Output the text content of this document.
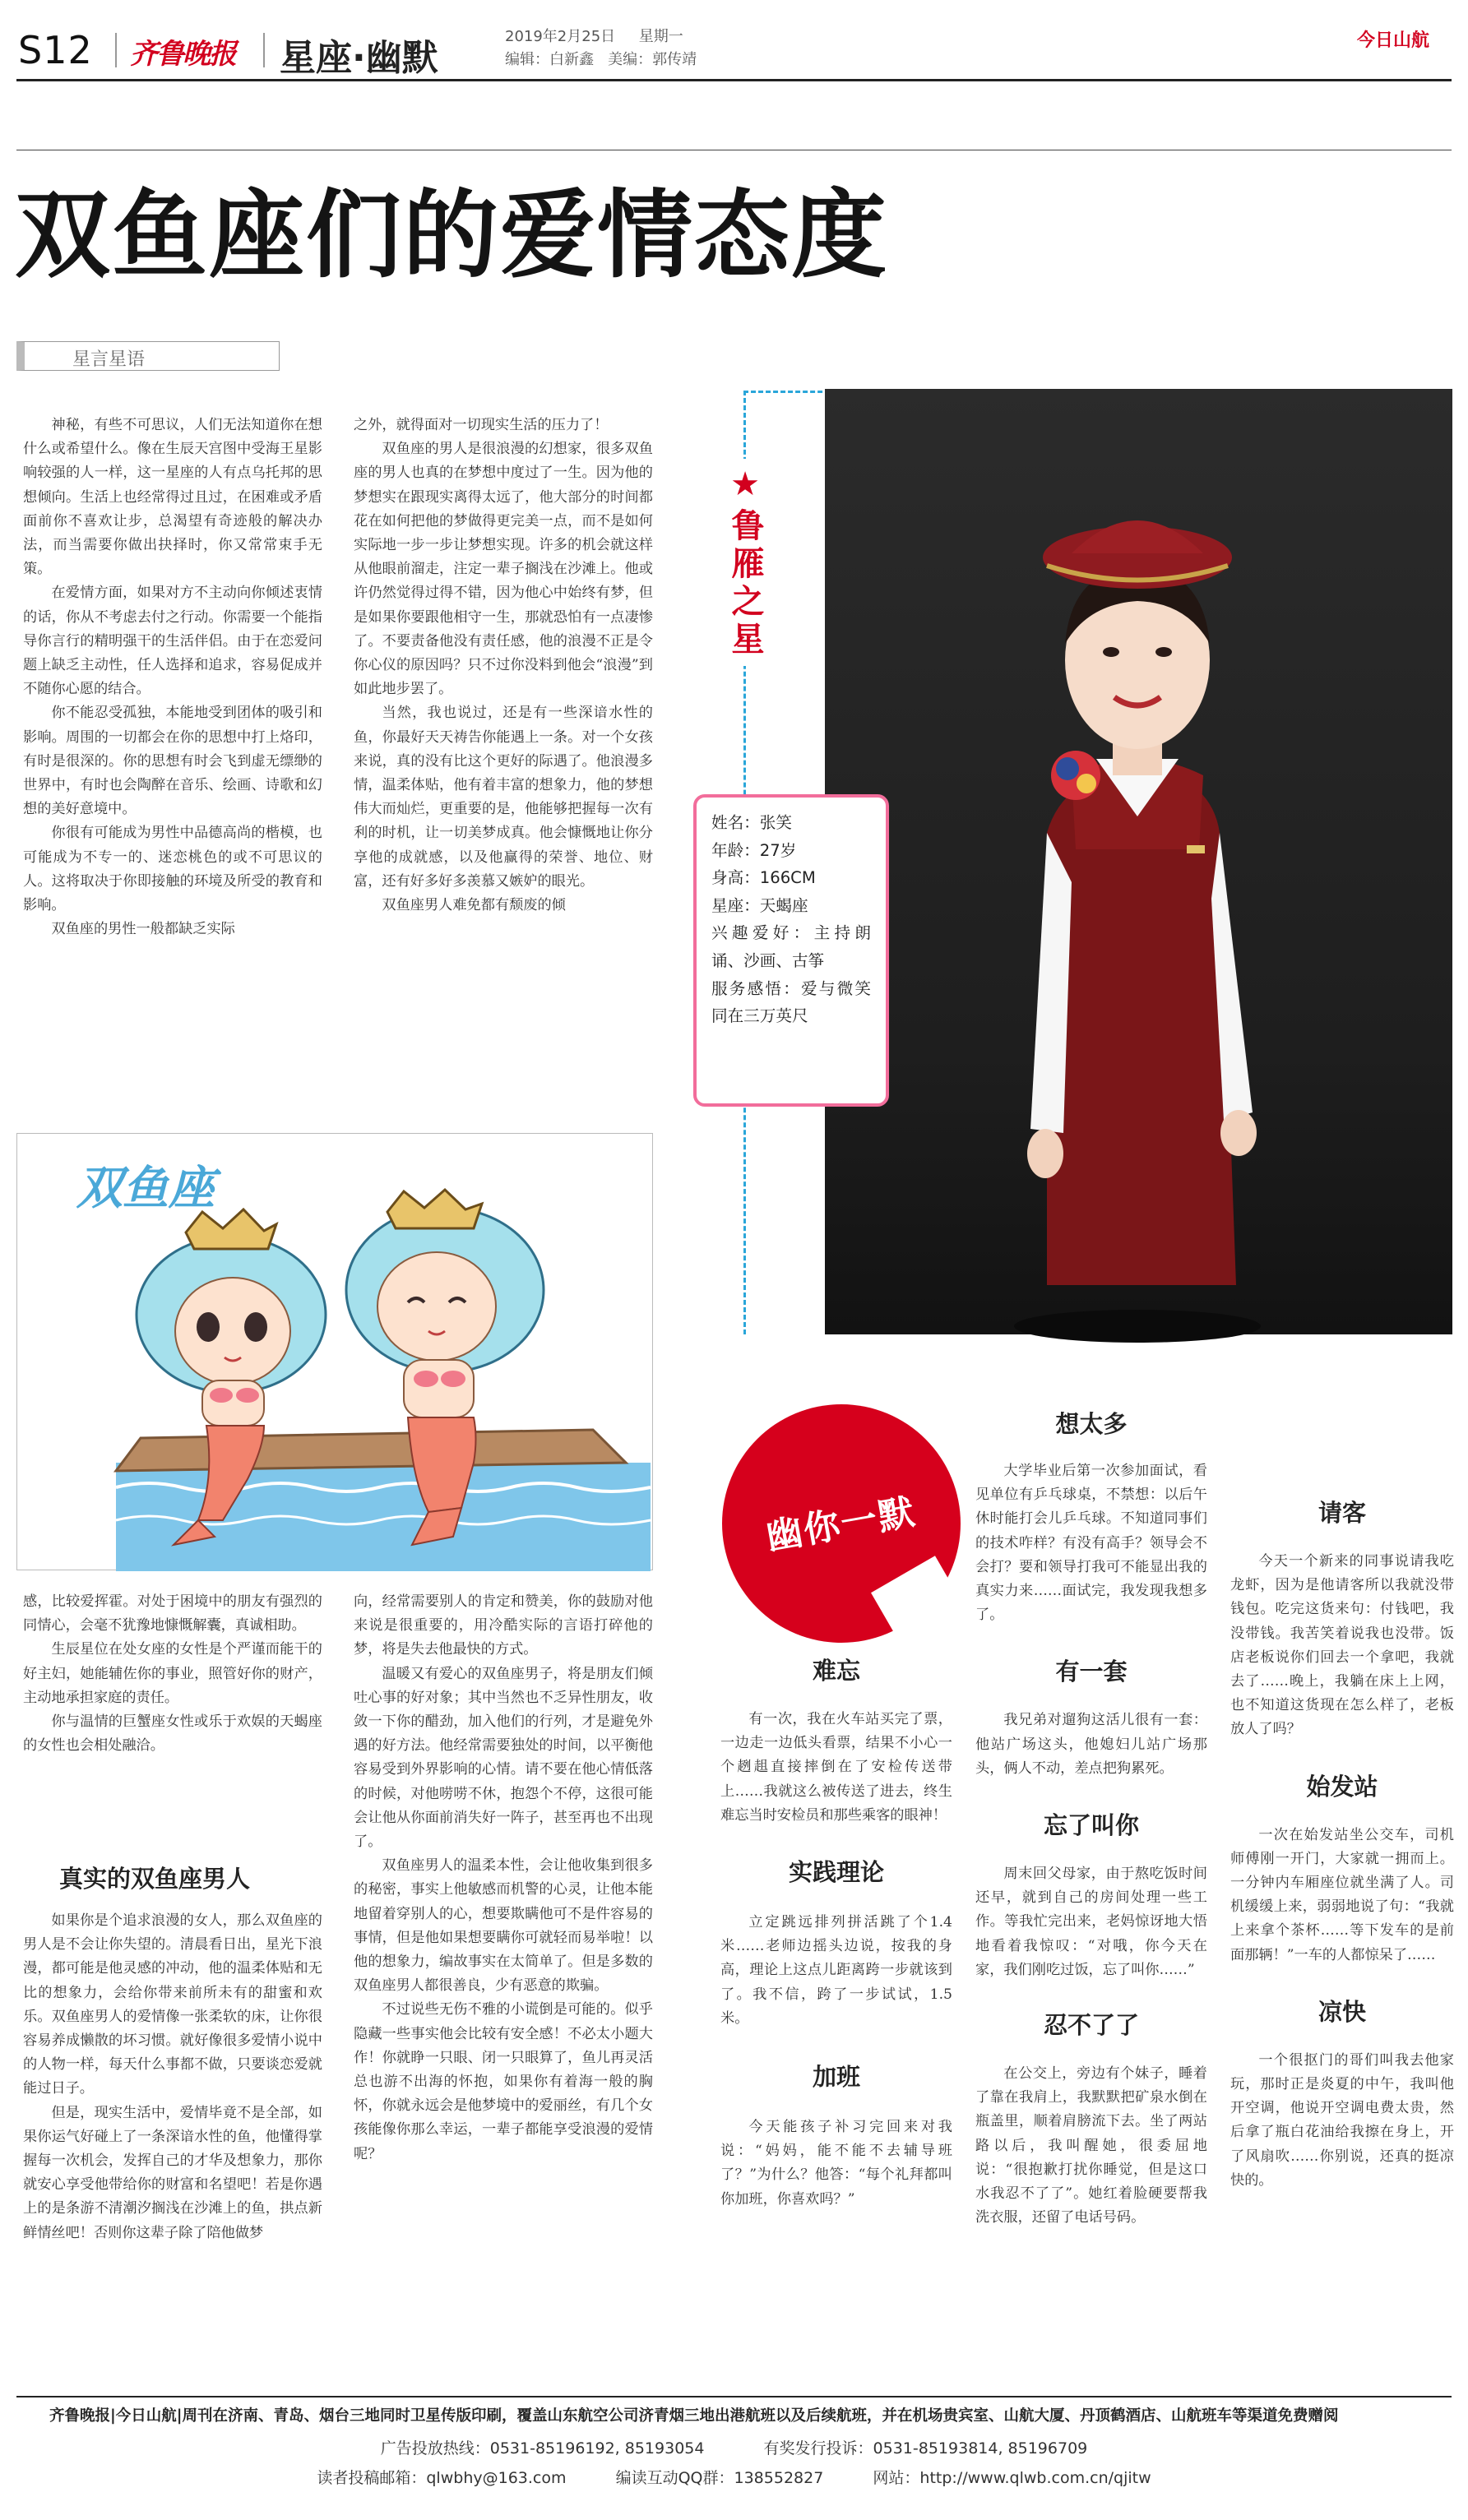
S12 齐鲁晚报 星座·幽默
2019年2月25日 星期一
编辑：白新鑫   美编：郭传靖
今日山航
双鱼座们的爱情态度
星言星语

神秘，有些不可思议，人们无法知道你在想什么或希望什么。像在生辰天宫图中受海王星影响较强的人一样，这一星座的人有点乌托邦的思想倾向。生活上也经常得过且过，在困难或矛盾面前你不喜欢让步，总渴望有奇迹般的解决办法，而当需要你做出抉择时，你又常常束手无策。

在爱情方面，如果对方不主动向你倾述衷情的话，你从不考虑去付之行动。你需要一个能指导你言行的精明强干的生活伴侣。由于在恋爱问题上缺乏主动性，任人选择和追求，容易促成并不随你心愿的结合。

你不能忍受孤独，本能地受到团体的吸引和影响。周围的一切都会在你的思想中打上烙印，有时是很深的。你的思想有时会飞到虚无缥缈的世界中，有时也会陶醉在音乐、绘画、诗歌和幻想的美好意境中。

你很有可能成为男性中品德高尚的楷模，也可能成为不专一的、迷恋桃色的或不可思议的人。这将取决于你即接触的环境及所受的教育和影响。

双鱼座的男性一般都缺乏实际

之外，就得面对一切现实生活的压力了！

双鱼座的男人是很浪漫的幻想家，很多双鱼座的男人也真的在梦想中度过了一生。因为他的梦想实在跟现实离得太远了，他大部分的时间都花在如何把他的梦做得更完美一点，而不是如何实际地一步一步让梦想实现。许多的机会就这样从他眼前溜走，注定一辈子搁浅在沙滩上。他或许仍然觉得过得不错，因为他心中始终有梦，但是如果你要跟他相守一生，那就恐怕有一点凄惨了。不要责备他没有责任感，他的浪漫不正是令你心仪的原因吗？只不过你没料到他会“浪漫”到如此地步罢了。

当然，我也说过，还是有一些深谙水性的鱼，你最好天天祷告你能遇上一条。对一个女孩来说，真的没有比这个更好的际遇了。他浪漫多情，温柔体贴，他有着丰富的想象力，他的梦想伟大而灿烂，更重要的是，他能够把握每一次有利的时机，让一切美梦成真。他会慷慨地让你分享他的成就感，以及他赢得的荣誉、地位、财富，还有好多好多羡慕又嫉妒的眼光。

双鱼座男人难免都有颓废的倾

双鱼座

感，比较爱挥霍。对处于困境中的朋友有强烈的同情心，会毫不犹豫地慷慨解囊，真诚相助。

生辰星位在处女座的女性是个严谨而能干的好主妇，她能辅佐你的事业，照管好你的财产，主动地承担家庭的责任。

你与温情的巨蟹座女性或乐于欢娱的天蝎座的女性也会相处融洽。

真实的双鱼座男人

如果你是个追求浪漫的女人，那么双鱼座的男人是不会让你失望的。清晨看日出，星光下浪漫，都可能是他灵感的冲动，他的温柔体贴和无比的想象力，会给你带来前所未有的甜蜜和欢乐。双鱼座男人的爱情像一张柔软的床，让你很容易养成懒散的坏习惯。就好像很多爱情小说中的人物一样，每天什么事都不做，只要谈恋爱就能过日子。

但是，现实生活中，爱情毕竟不是全部，如果你运气好碰上了一条深谙水性的鱼，他懂得掌握每一次机会，发挥自己的才华及想象力，那你就安心享受他带给你的财富和名望吧！若是你遇上的是条游不清潮汐搁浅在沙滩上的鱼，拱点新鲜情丝吧！否则你这辈子除了陪他做梦

向，经常需要别人的肯定和赞美，你的鼓励对他来说是很重要的，用冷酷实际的言语打碎他的梦，将是失去他最快的方式。

温暖又有爱心的双鱼座男子，将是朋友们倾吐心事的好对象；其中当然也不乏异性朋友，收敛一下你的醋劲，加入他们的行列，才是避免外遇的好方法。他经常需要独处的时间，以平衡他容易受到外界影响的心情。请不要在他心情低落的时候，对他唠唠不休，抱怨个不停，这很可能会让他从你面前消失好一阵子，甚至再也不出现了。

双鱼座男人的温柔本性，会让他收集到很多的秘密，事实上他敏感而机警的心灵，让他本能地留着穿别人的心，想要欺瞒他可不是件容易的事情，但是他如果想要瞒你可就轻而易举啦！以他的想象力，编故事实在太简单了。但是多数的双鱼座男人都很善良，少有恶意的欺骗。

不过说些无伤不雅的小谎倒是可能的。似乎隐藏一些事实他会比较有安全感！不必太小题大作！你就睁一只眼、闭一只眼算了，鱼儿再灵活总也游不出海的怀抱，如果你有着海一般的胸怀，你就永远会是他梦境中的爱丽丝，有几个女孩能像你那么幸运，一辈子都能享受浪漫的爱情呢？

★鲁雁之星
姓名：张笑
年龄：27岁
身高：166CM
星座：天蝎座
兴趣爱好：主持朗诵、沙画、古筝
服务感悟：爱与微笑同在三万英尺
幽你一默
难忘

有一次，我在火车站买完了票，一边走一边低头看票，结果不小心一个趔趄直接摔倒在了安检传送带上……我就这么被传送了进去，终生难忘当时安检员和那些乘客的眼神！

实践理论

立定跳远排列拼活跳了个1.4米……老师边摇头边说，按我的身高，理论上这点儿距离跨一步就该到了。我不信，跨了一步试试，1.5米。

加班

今天能孩子补习完回来对我说：“妈妈，能不能不去辅导班了？”为什么？他答：“每个礼拜都叫你加班，你喜欢吗？”

想太多

大学毕业后第一次参加面试，看见单位有乒乓球桌，不禁想：以后午休时能打会儿乒乓球。不知道同事们的技术咋样？有没有高手？领导会不会打？要和领导打我可不能显出我的真实力来……面试完，我发现我想多了。

有一套

我兄弟对遛狗这活儿很有一套：他站广场这头，他媳妇儿站广场那头，俩人不动，差点把狗累死。

忘了叫你

周末回父母家，由于熬吃饭时间还早，就到自己的房间处理一些工作。等我忙完出来，老妈惊讶地大悟地看着我惊叹：“对哦，你今天在家，我们刚吃过饭，忘了叫你……”

忍不了了

在公交上，旁边有个妹子，睡着了靠在我肩上，我默默把矿泉水倒在瓶盖里，顺着肩膀流下去。坐了两站路以后，我叫醒她，很委屈地说：“很抱歉打扰你睡觉，但是这口水我忍不了了”。她红着脸硬要帮我洗衣服，还留了电话号码。

请客

今天一个新来的同事说请我吃龙虾，因为是他请客所以我就没带钱包。吃完这货来句：付钱吧，我没带钱。我苦笑着说我也没带。饭店老板说你们回去一个拿吧，我就去了……晚上，我躺在床上上网，也不知道这货现在怎么样了，老板放人了吗？

始发站

一次在始发站坐公交车，司机师傅刚一开门，大家就一拥而上。一分钟内车厢座位就坐满了人。司机缓缓上来，弱弱地说了句：“我就上来拿个茶杯……等下发车的是前面那辆！”一车的人都惊呆了……

凉快

一个很抠门的哥们叫我去他家玩，那时正是炎夏的中午，我叫他开空调，他说开空调电费太贵，然后拿了瓶白花油给我擦在身上，开了风扇吹……你别说，还真的挺凉快的。

齐鲁晚报|今日山航|周刊在济南、青岛、烟台三地同时卫星传版印刷，覆盖山东航空公司济青烟三地出港航班以及后续航班，并在机场贵宾室、山航大厦、丹顶鹤酒店、山航班车等渠道免费赠阅
广告投放热线：0531-85196192, 85193054	有奖发行投诉：0531-85193814, 85196709
读者投稿邮箱：qlwbhy@163.com	编读互动QQ群：138552827	网站：http://www.qlwb.com.cn/qjitw
